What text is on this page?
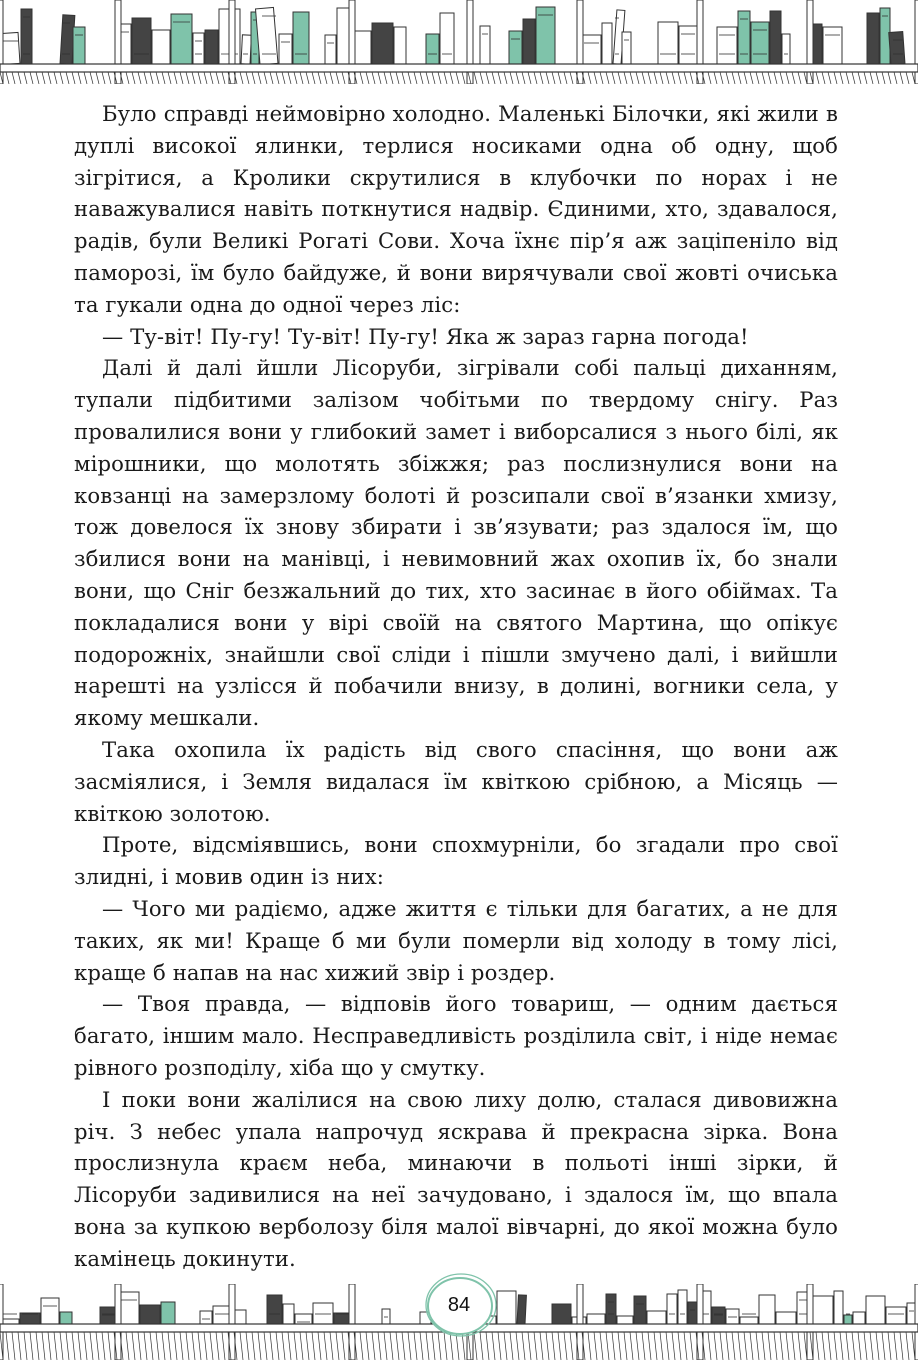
Було справді неймовірно холодно. Маленькі Білочки, які жили в дуплі високої ялинки, терлися носиками одна об одну, щоб зігрітися, а Кролики скрутилися в клубочки по норах і не наважувалися навіть поткнутися надвір. Єдиними, хто, здавалося, радів, були Великі Рогаті Сови. Хоча їхнє пір’я аж заціпеніло від паморозі, їм було байдуже, й вони вирячували свої жовті очиська та гукали одна до одної через ліс:

— Ту-віт! Пу-гу! Ту-віт! Пу-гу! Яка ж зараз гарна погода!

Далі й далі йшли Лісоруби, зігрівали собі пальці диханням, тупали підбитими залізом чобітьми по твердому снігу. Раз провалилися вони у глибокий замет і виборсалися з нього білі, як мірошники, що молотять збіжжя; раз послизнулися вони на ковзанці на замерзлому болоті й розсипали свої в’язанки хмизу, тож довелося їх знову збирати і зв’язувати; раз здалося їм, що збилися вони на манівці, і невимовний жах охопив їх, бо знали вони, що Сніг безжальний до тих, хто засинає в його обіймах. Та покладалися вони у вірі своїй на святого Мартина, що опікує подорожніх, знайшли свої сліди і пішли змучено далі, і вийшли нарешті на узлісся й побачили внизу, в долині, вогники села, у якому мешкали.

Така охопила їх радість від свого спасіння, що вони аж засміялися, і Земля видалася їм квіткою срібною, а Місяць — квіткою золотою.

Проте, відсміявшись, вони спохмурніли, бо згадали про свої злидні, і мовив один із них:

— Чого ми радіємо, адже життя є тільки для багатих, а не для таких, як ми! Краще б ми були померли від холоду в тому лісі, краще б напав на нас хижий звір і роздер.

— Твоя правда, — відповів його товариш, — одним дається багато, іншим мало. Несправедливість розділила світ, і ніде немає рівного розподілу, хіба що у смутку.

І поки вони жалілися на свою лиху долю, сталася дивовижна річ. З небес упала напрочуд яскрава й прекрасна зірка. Вона прослизнула краєм неба, минаючи в польоті інші зірки, й Лісоруби задивилися на неї зачудовано, і здалося їм, що впала вона за купкою верболозу біля малої вівчарні, до якої можна було камінець докинути.

84
